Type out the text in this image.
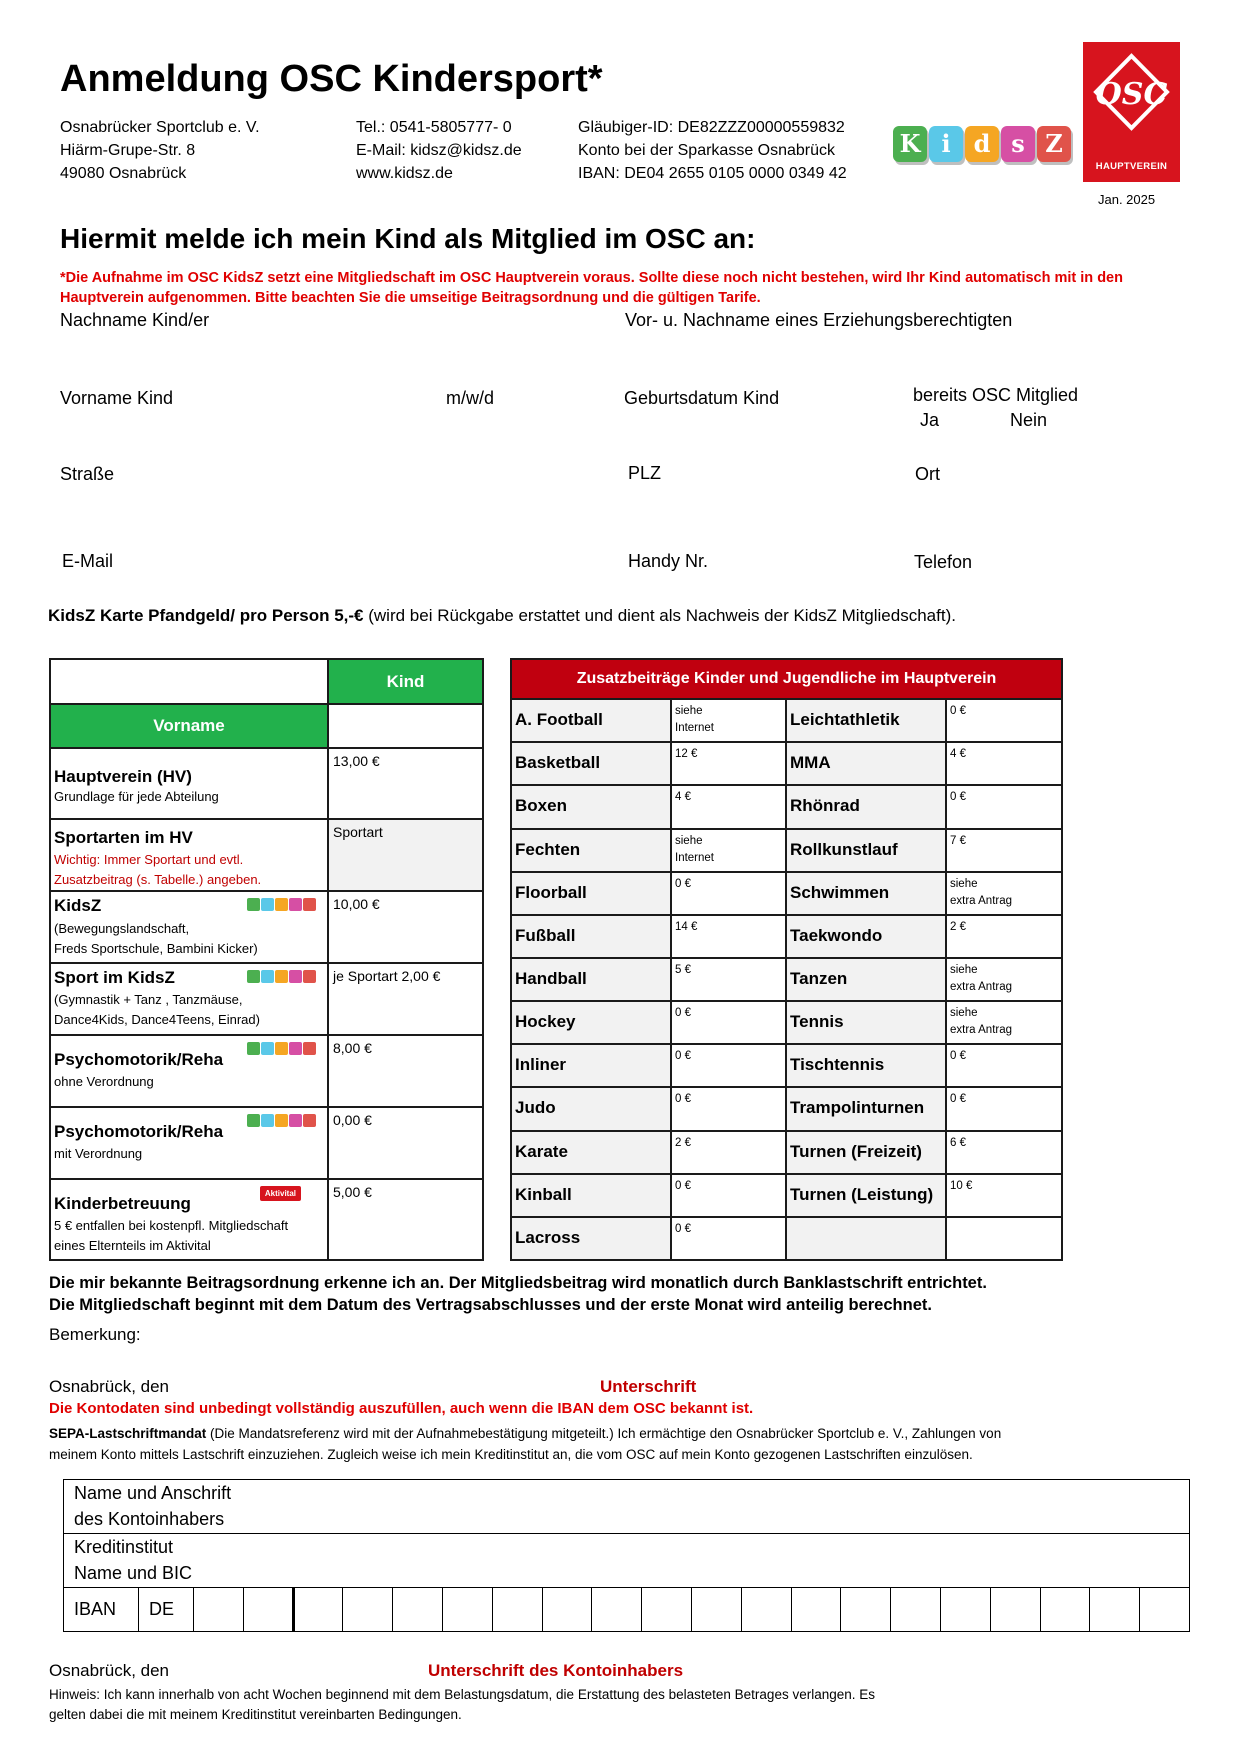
Anmeldung OSC Kindersport*
Osnabrücker Sportclub e. V.
Hiärm-Grupe-Str. 8
49080 Osnabrück
Tel.: 0541-5805777- 0
E-Mail: kidsz@kidsz.de
www.kidsz.de
Gläubiger-ID: DE82ZZZ00000559832
Konto bei der Sparkasse Osnabrück
IBAN: DE04 2655 0105 0000 0349 42
K i d s Z
OSC
HAUPTVEREIN
Jan. 2025
Hiermit melde ich mein Kind als Mitglied im OSC an:
*Die Aufnahme im OSC KidsZ setzt eine Mitgliedschaft im OSC Hauptverein voraus. Sollte diese noch nicht bestehen, wird Ihr Kind automatisch mit in den Hauptverein aufgenommen. Bitte beachten Sie die umseitige Beitragsordnung und die gültigen Tarife.
Nachname Kind/er	Vor- u. Nachname eines Erziehungsberechtigten
Vorname Kind	m/w/d	Geburtsdatum Kind	bereits OSC Mitglied
Ja	Nein
Straße	PLZ	Ort
E-Mail	Handy Nr.	Telefon
KidsZ Karte Pfandgeld/ pro Person 5,-€ (wird bei Rückgabe erstattet und dient als Nachweis der KidsZ Mitgliedschaft).
	Kind
Vorname	

Hauptverein (HV)
Grundlage für jede Abteilung	13,00 €

Sportarten im HV
Wichtig: Immer Sportart und evtl.
Zusatzbeitrag (s. Tabelle.) angeben.	Sportart

KidsZ
(Bewegungslandschaft,
Freds Sportschule, Bambini Kicker)	10,00 €

Sport im KidsZ
(Gymnastik + Tanz , Tanzmäuse,
Dance4Kids, Dance4Teens, Einrad)	je Sportart 2,00 €

Psychomotorik/Reha
ohne Verordnung	8,00 €

Psychomotorik/Reha
mit Verordnung	0,00 €

Kinderbetreuung
5 € entfallen bei kostenpfl. Mitgliedschaft
eines Elternteils im Aktivital
Aktivital	5,00 €
Zusatzbeiträge Kinder und Jugendliche im Hauptverein			
A. Football	siehe
Internet	Leichtathletik	0 €

Basketball	12 €	MMA	4 €

Boxen	4 €	Rhönrad	0 €

Fechten	siehe
Internet	Rollkunstlauf	7 €

Floorball	0 €	Schwimmen	siehe
extra Antrag

Fußball	14 €	Taekwondo	2 €

Handball	5 €	Tanzen	siehe
extra Antrag

Hockey	0 €	Tennis	siehe
extra Antrag

Inliner	0 €	Tischtennis	0 €

Judo	0 €	Trampolinturnen	0 €

Karate	2 €	Turnen (Freizeit)	6 €

Kinball	0 €	Turnen (Leistung)	10 €

Lacross	0 €		

Die mir bekannte Beitragsordnung erkenne ich an. Der Mitgliedsbeitrag wird monatlich durch Banklastschrift entrichtet.
Die Mitgliedschaft beginnt mit dem Datum des Vertragsabschlusses und der erste Monat wird anteilig berechnet.
Bemerkung:
Osnabrück, den	Unterschrift
Die Kontodaten sind unbedingt vollständig auszufüllen, auch wenn die IBAN dem OSC bekannt ist.
SEPA-Lastschriftmandat (Die Mandatsreferenz wird mit der Aufnahmebestätigung mitgeteilt.) Ich ermächtige den Osnabrücker Sportclub e. V., Zahlungen von
meinem Konto mittels Lastschrift einzuziehen. Zugleich weise ich mein Kreditinstitut an, die vom OSC auf mein Konto gezogenen Lastschriften einzulösen.
Name und Anschrift
des Kontoinhabers

Kreditinstitut
Name und BIC

IBAN	DE																				
Osnabrück, den	Unterschrift des Kontoinhabers
Hinweis: Ich kann innerhalb von acht Wochen beginnend mit dem Belastungsdatum, die Erstattung des belasteten Betrages verlangen. Es
gelten dabei die mit meinem Kreditinstitut vereinbarten Bedingungen.
